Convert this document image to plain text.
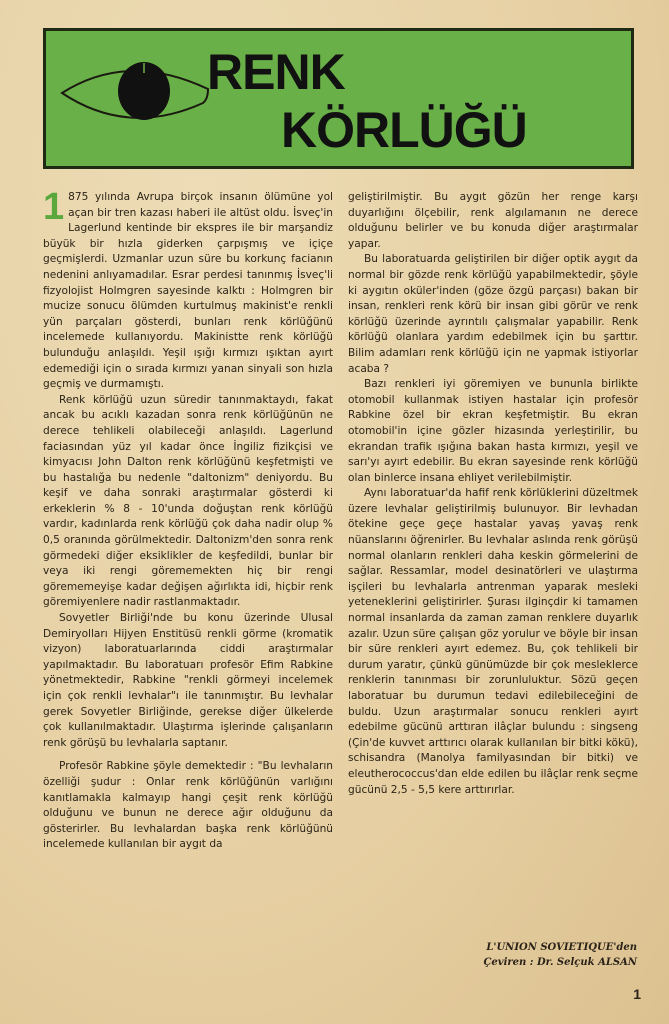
RENK
KÖRLÜĞÜ

1 875 yılında Avrupa birçok insanın ölümüne yol açan bir tren kazası haberi ile altüst oldu. İsveç'in Lagerlund kentinde bir ekspres ile bir marşandiz büyük bir hızla giderken çarpışmış ve içiçe geçmişlerdi. Uzmanlar uzun süre bu korkunç facianın nedenini anlıyamadılar. Esrar perdesi tanınmış İsveç'li fizyolojist Holmgren sayesinde kalktı : Holmgren bir mucize sonucu ölümden kurtulmuş makinist'e renkli yün parçaları gösterdi, bunları renk körlüğünü incelemede kullanıyordu. Makinistte renk körlüğü bulunduğu anlaşıldı. Yeşil ışığı kırmızı ışıktan ayırt edemediği için o sırada kırmızı yanan sinyali son hızla geçmiş ve durmamıştı.

Renk körlüğü uzun süredir tanınmaktaydı, fakat ancak bu acıklı kazadan sonra renk körlüğünün ne derece tehlikeli olabileceği anlaşıldı. Lagerlund faciasından yüz yıl kadar önce İngiliz fizikçisi ve kimyacısı John Dalton renk körlüğünü keşfetmişti ve bu hastalığa bu nedenle "daltonizm" deniyordu. Bu keşif ve daha sonraki araştırmalar gösterdi ki erkeklerin % 8 - 10'unda doğuştan renk körlüğü vardır, kadınlarda renk körlüğü çok daha nadir olup % 0,5 oranında görülmektedir. Daltonizm'den sonra renk görmedeki diğer eksiklikler de keşfedildi, bunlar bir veya iki rengi görememekten hiç bir rengi görememeyişe kadar değişen ağırlıkta idi, hiçbir renk göremiyenlere nadir rastlanmaktadır.

Sovyetler Birliği'nde bu konu üzerinde Ulusal Demiryolları Hijyen Enstitüsü renkli görme (kromatik vizyon) laboratuarlarında ciddi araştırmalar yapılmaktadır. Bu laboratuarı profesör Efim Rabkine yönetmektedir, Rabkine "renkli görmeyi incelemek için çok renkli levhalar"ı ile tanınmıştır. Bu levhalar gerek Sovyetler Birliğinde, gerekse diğer ülkelerde çok kullanılmaktadır. Ulaştırma işlerinde çalışanların renk görüşü bu levhalarla saptanır.

Profesör Rabkine şöyle demektedir : "Bu levhaların özelliği şudur : Onlar renk körlüğünün varlığını kanıtlamakla kalmayıp hangi çeşit renk körlüğü olduğunu ve bunun ne derece ağır olduğunu da gösterirler. Bu levhalardan başka renk körlüğünü incelemede kullanılan bir aygıt da

geliştirilmiştir. Bu aygıt gözün her renge karşı duyarlığını ölçebilir, renk algılamanın ne derece olduğunu belirler ve bu konuda diğer araştırmalar yapar.

Bu laboratuarda geliştirilen bir diğer optik aygıt da normal bir gözde renk körlüğü yapabilmektedir, şöyle ki aygıtın oküler'inden (göze özgü parçası) bakan bir insan, renkleri renk körü bir insan gibi görür ve renk körlüğü üzerinde ayrıntılı çalışmalar yapabilir. Renk körlüğü olanlara yardım edebilmek için bu şarttır. Bilim adamları renk körlüğü için ne yapmak istiyorlar acaba ?

Bazı renkleri iyi göremiyen ve bununla birlikte otomobil kullanmak istiyen hastalar için profesör Rabkine özel bir ekran keşfetmiştir. Bu ekran otomobil'in içine gözler hizasında yerleştirilir, bu ekrandan trafik ışığına bakan hasta kırmızı, yeşil ve sarı'yı ayırt edebilir. Bu ekran sayesinde renk körlüğü olan binlerce insana ehliyet verilebilmiştir.

Aynı laboratuar'da hafif renk körlüklerini düzeltmek üzere levhalar geliştirilmiş bulunuyor. Bir levhadan ötekine geçe geçe hastalar yavaş yavaş renk nüanslarını öğrenirler. Bu levhalar aslında renk görüşü normal olanların renkleri daha keskin görmelerini de sağlar. Ressamlar, model desinatörleri ve ulaştırma işçileri bu levhalarla antrenman yaparak mesleki yeteneklerini geliştirirler. Şurası ilginçdir ki tamamen normal insanlarda da zaman zaman renklere duyarlık azalır. Uzun süre çalışan göz yorulur ve böyle bir insan bir süre renkleri ayırt edemez. Bu, çok tehlikeli bir durum yaratır, çünkü günümüzde bir çok mesleklerce renklerin tanınması bir zorunluluktur. Sözü geçen laboratuar bu durumun tedavi edilebileceğini de buldu. Uzun araştırmalar sonucu renkleri ayırt edebilme gücünü arttıran ilâçlar bulundu : singseng (Çin'de kuvvet arttırıcı olarak kullanılan bir bitki kökü), schisandra (Manolya familyasından bir bitki) ve eleutherococcus'dan elde edilen bu ilâçlar renk seçme gücünü 2,5 - 5,5 kere arttırırlar.

L'UNION SOVIETIQUE'den
Çeviren : Dr. Selçuk ALSAN
1
